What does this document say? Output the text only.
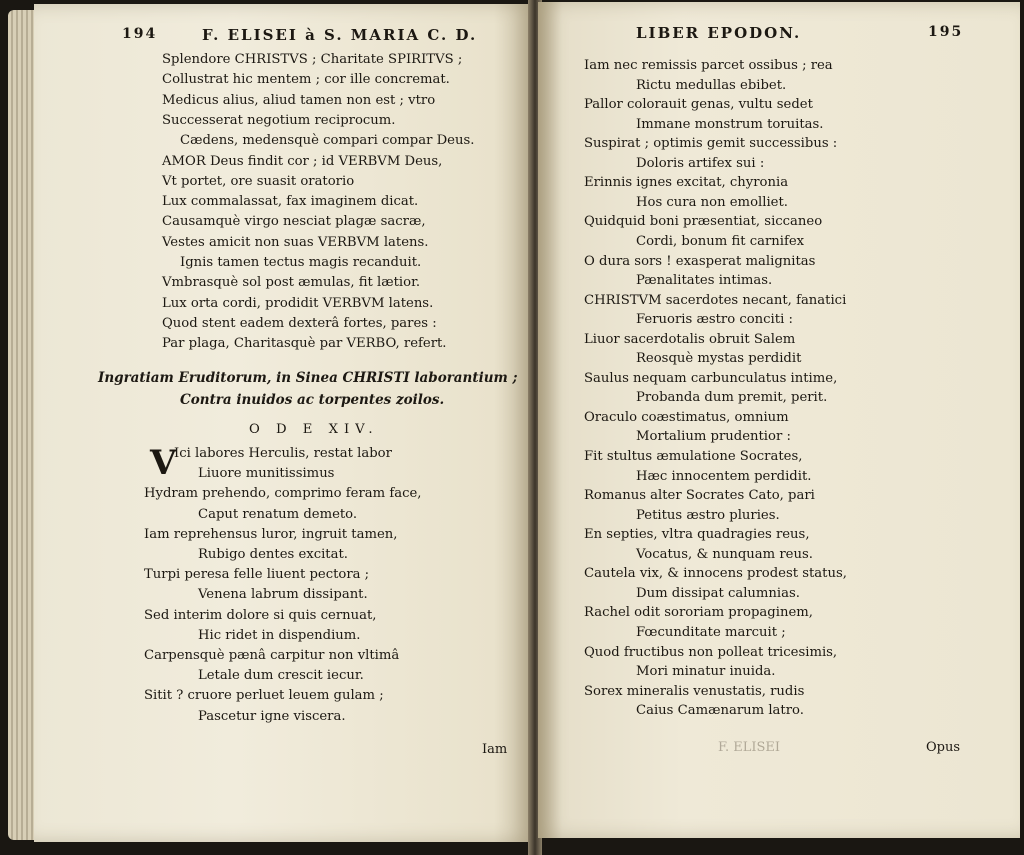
194	F. ELISEI à S. MARIA C. D.
Splendore CHRISTVS ; Charitate SPIRITVS ;
Collustrat hic mentem ; cor ille concremat.
Medicus alius, aliud tamen non est ; vtro
Successerat negotium reciprocum.
Cædens, medensquè compari compar Deus.
AMOR Deus findit cor ; id VERBVM Deus,
Vt portet, ore suasit oratorio
Lux commalassat, fax imaginem dicat.
Causamquè virgo nesciat plagæ sacræ,
Vestes amicit non suas VERBVM latens.
Ignis tamen tectus magis recanduit.
Vmbrasquè sol post æmulas, fit lætior.
Lux orta cordi, prodidit VERBVM latens.
Quod stent eadem dexterâ fortes, pares :
Par plaga, Charitasquè par VERBO, refert.
Ingratiam Eruditorum, in Sinea CHRISTI laborantium ;
Contra inuidos ac torpentes zoilos.
O D E XIV.
V
Ici labores Herculis, restat labor
Liuore munitissimus
Hydram prehendo, comprimo feram face,
Caput renatum demeto.
Iam reprehensus luror, ingruit tamen,
Rubigo dentes excitat.
Turpi peresa felle liuent pectora ;
Venena labrum dissipant.
Sed interim dolore si quis cernuat,
Hic ridet in dispendium.
Carpensquè pænâ carpitur non vltimâ
Letale dum crescit iecur.
Sitit ? cruore perluet leuem gulam ;
Pascetur igne viscera.
Iam
LIBER EPODON.	195
Iam nec remissis parcet ossibus ; rea
Rictu medullas ebibet.
Pallor colorauit genas, vultu sedet
Immane monstrum toruitas.
Suspirat ; optimis gemit successibus :
Doloris artifex sui :
Erinnis ignes excitat, chyronia
Hos cura non emolliet.
Quidquid boni præsentiat, siccaneo
Cordi, bonum fit carnifex
O dura sors ! exasperat malignitas
Pænalitates intimas.
CHRISTVM sacerdotes necant, fanatici
Feruoris æstro conciti :
Liuor sacerdotalis obruit Salem
Reosquè mystas perdidit
Saulus nequam carbunculatus intime,
Probanda dum premit, perit.
Oraculo coæstimatus, omnium
Mortalium prudentior :
Fit stultus æmulatione Socrates,
Hæc innocentem perdidit.
Romanus alter Socrates Cato, pari
Petitus æstro pluries.
En septies, vltra quadragies reus,
Vocatus, & nunquam reus.
Cautela vix, & innocens prodest status,
Dum dissipat calumnias.
Rachel odit sororiam propaginem,
Fœcunditate marcuit ;
Quod fructibus non polleat tricesimis,
Mori minatur inuida.
Sorex mineralis venustatis, rudis
Caius Camænarum latro.
F. ELISEI	Opus
